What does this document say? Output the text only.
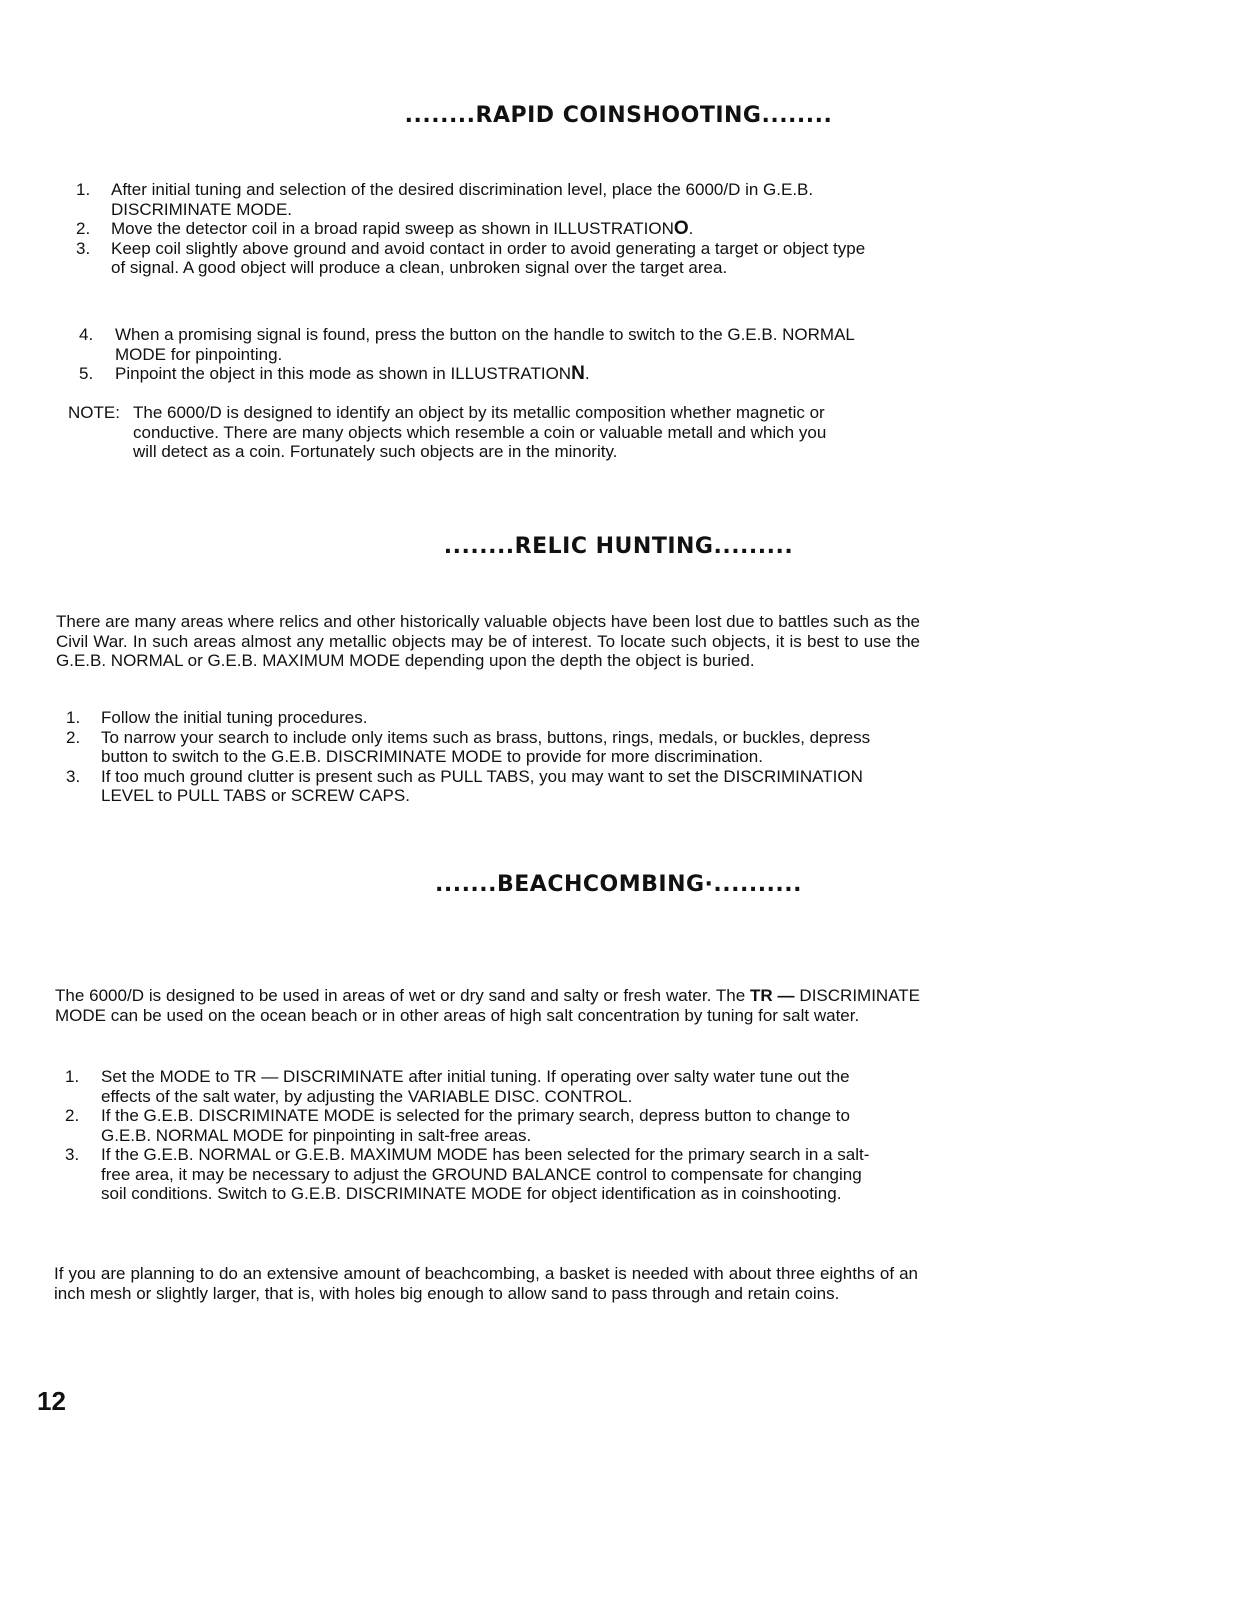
........RAPID COINSHOOTING........
1. After initial tuning and selection of the desired discrimination level, place the 6000/D in G.E.B. DISCRIMINATE MODE.
2. Move the detector coil in a broad rapid sweep as shown in ILLUSTRATIONO.
3. Keep coil slightly above ground and avoid contact in order to avoid generating a target or object type of signal. A good object will produce a clean, unbroken signal over the target area.
4. When a promising signal is found, press the button on the handle to switch to the G.E.B. NORMAL MODE for pinpointing.
5. Pinpoint the object in this mode as shown in ILLUSTRATIONN.
NOTE: The 6000/D is designed to identify an object by its metallic composition whether magnetic or conductive. There are many objects which resemble a coin or valuable metall and which you will detect as a coin. Fortunately such objects are in the minority.
........RELIC HUNTING.........
There are many areas where relics and other historically valuable objects have been lost due to battles such as the Civil War. In such areas almost any metallic objects may be of interest. To locate such objects, it is best to use the G.E.B. NORMAL or G.E.B. MAXIMUM MODE depending upon the depth the object is buried.
1. Follow the initial tuning procedures.
2. To narrow your search to include only items such as brass, buttons, rings, medals, or buckles, depress button to switch to the G.E.B. DISCRIMINATE MODE to provide for more discrimination.
3. If too much ground clutter is present such as PULL TABS, you may want to set the DISCRIMINATION LEVEL to PULL TABS or SCREW CAPS.
.......BEACHCOMBING·..........
The 6000/D is designed to be used in areas of wet or dry sand and salty or fresh water. The TR — DISCRIMINATE MODE can be used on the ocean beach or in other areas of high salt concentration by tuning for salt water.
1. Set the MODE to TR — DISCRIMINATE after initial tuning. If operating over salty water tune out the effects of the salt water, by adjusting the VARIABLE DISC. CONTROL.
2. If the G.E.B. DISCRIMINATE MODE is selected for the primary search, depress button to change to G.E.B. NORMAL MODE for pinpointing in salt-free areas.
3. If the G.E.B. NORMAL or G.E.B. MAXIMUM MODE has been selected for the primary search in a salt-free area, it may be necessary to adjust the GROUND BALANCE control to compensate for changing soil conditions. Switch to G.E.B. DISCRIMINATE MODE for object identification as in coinshooting.
If you are planning to do an extensive amount of beachcombing, a basket is needed with about three eighths of an inch mesh or slightly larger, that is, with holes big enough to allow sand to pass through and retain coins.
12
